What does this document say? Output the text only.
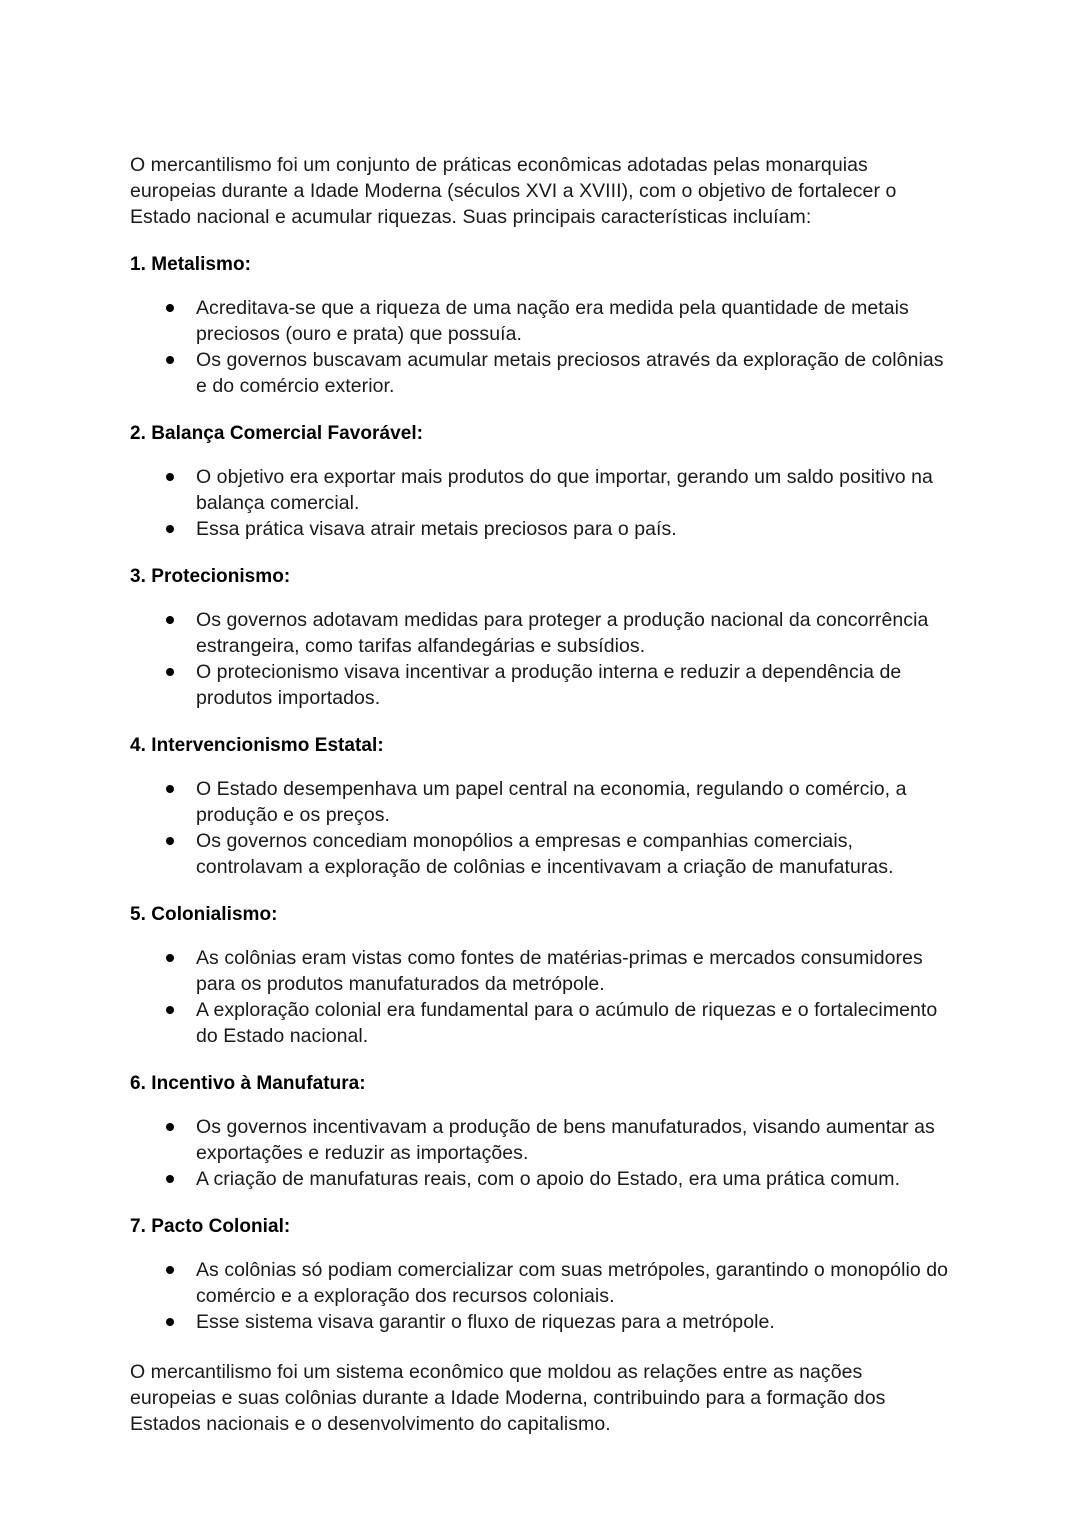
O mercantilismo foi um conjunto de práticas econômicas adotadas pelas monarquias europeias durante a Idade Moderna (séculos XVI a XVIII), com o objetivo de fortalecer o Estado nacional e acumular riquezas. Suas principais características incluíam:

1. Metalismo:

Acreditava-se que a riqueza de uma nação era medida pela quantidade de metais preciosos (ouro e prata) que possuía.
Os governos buscavam acumular metais preciosos através da exploração de colônias e do comércio exterior.

2. Balança Comercial Favorável:

O objetivo era exportar mais produtos do que importar, gerando um saldo positivo na balança comercial.
Essa prática visava atrair metais preciosos para o país.

3. Protecionismo:

Os governos adotavam medidas para proteger a produção nacional da concorrência estrangeira, como tarifas alfandegárias e subsídios.
O protecionismo visava incentivar a produção interna e reduzir a dependência de produtos importados.

4. Intervencionismo Estatal:

O Estado desempenhava um papel central na economia, regulando o comércio, a produção e os preços.
Os governos concediam monopólios a empresas e companhias comerciais, controlavam a exploração de colônias e incentivavam a criação de manufaturas.

5. Colonialismo:

As colônias eram vistas como fontes de matérias-primas e mercados consumidores para os produtos manufaturados da metrópole.
A exploração colonial era fundamental para o acúmulo de riquezas e o fortalecimento do Estado nacional.

6. Incentivo à Manufatura:

Os governos incentivavam a produção de bens manufaturados, visando aumentar as exportações e reduzir as importações.
A criação de manufaturas reais, com o apoio do Estado, era uma prática comum.

7. Pacto Colonial:

As colônias só podiam comercializar com suas metrópoles, garantindo o monopólio do comércio e a exploração dos recursos coloniais.
Esse sistema visava garantir o fluxo de riquezas para a metrópole.

O mercantilismo foi um sistema econômico que moldou as relações entre as nações europeias e suas colônias durante a Idade Moderna, contribuindo para a formação dos Estados nacionais e o desenvolvimento do capitalismo.
